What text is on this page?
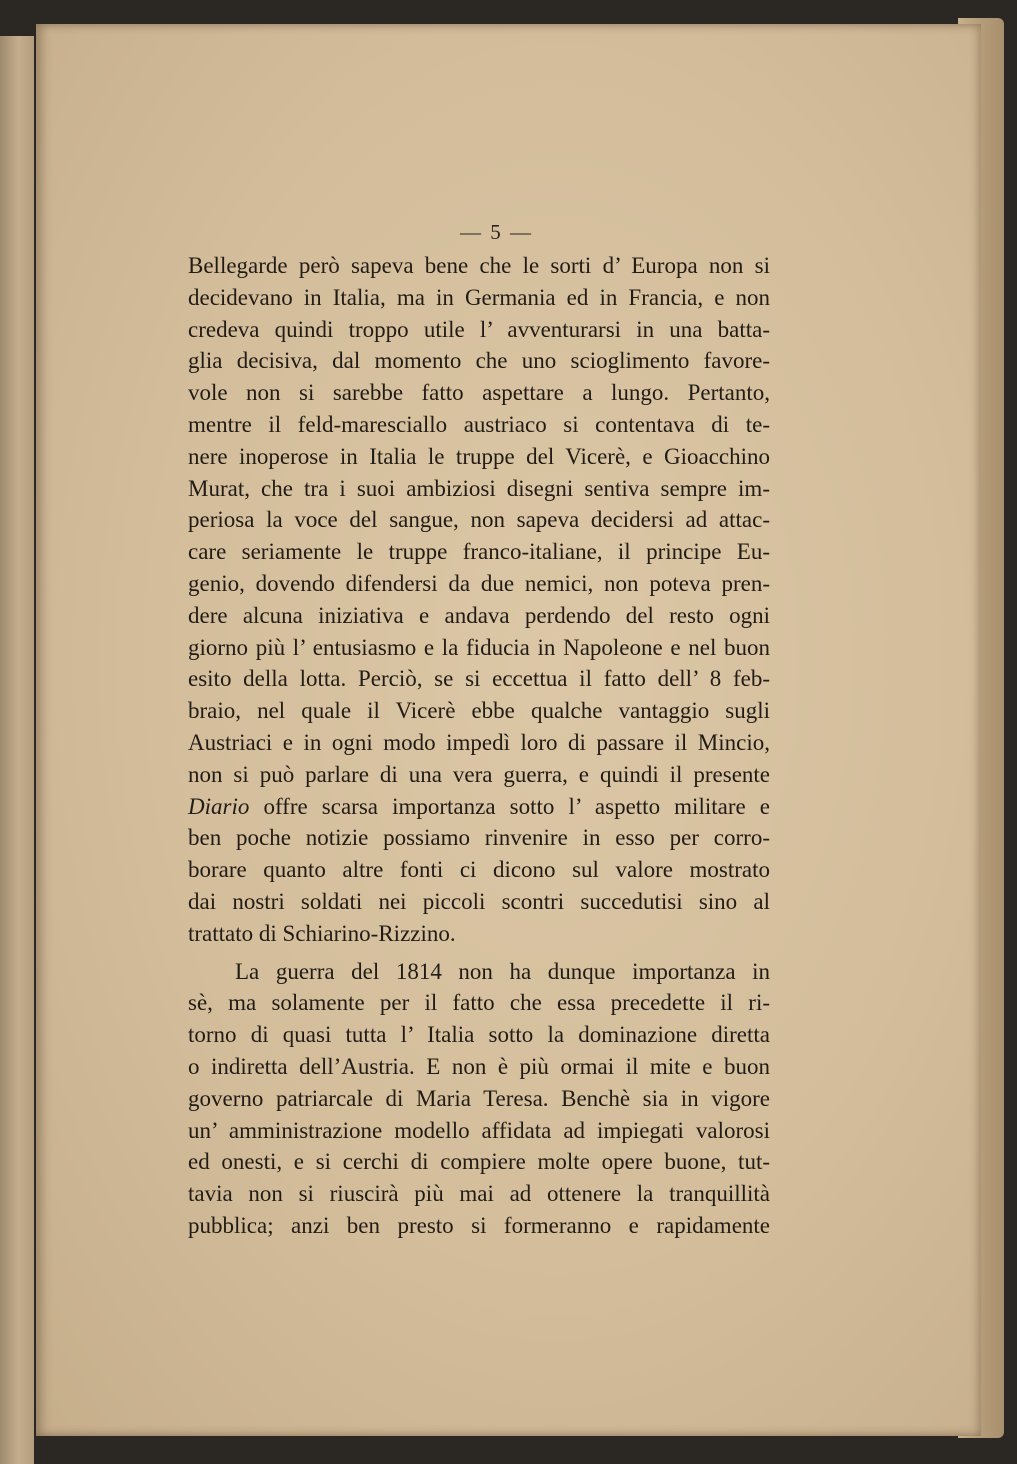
— 5 —
Bellegarde però sapeva bene che le sorti d’ Europa non si
decidevano in Italia, ma in Germania ed in Francia, e non
credeva quindi troppo utile l’ avventurarsi in una batta-
glia decisiva, dal momento che uno scioglimento favore-
vole non si sarebbe fatto aspettare a lungo. Pertanto,
mentre il feld-maresciallo austriaco si contentava di te-
nere inoperose in Italia le truppe del Vicerè, e Gioacchino
Murat, che tra i suoi ambiziosi disegni sentiva sempre im-
periosa la voce del sangue, non sapeva decidersi ad attac-
care seriamente le truppe franco-italiane, il principe Eu-
genio, dovendo difendersi da due nemici, non poteva pren-
dere alcuna iniziativa e andava perdendo del resto ogni
giorno più l’ entusiasmo e la fiducia in Napoleone e nel buon
esito della lotta. Perciò, se si eccettua il fatto dell’ 8 feb-
braio, nel quale il Vicerè ebbe qualche vantaggio sugli
Austriaci e in ogni modo impedì loro di passare il Mincio,
non si può parlare di una vera guerra, e quindi il presente
Diario offre scarsa importanza sotto l’ aspetto militare e
ben poche notizie possiamo rinvenire in esso per corro-
borare quanto altre fonti ci dicono sul valore mostrato
dai nostri soldati nei piccoli scontri succedutisi sino al
trattato di Schiarino-Rizzino.
La guerra del 1814 non ha dunque importanza in
sè, ma solamente per il fatto che essa precedette il ri-
torno di quasi tutta l’ Italia sotto la dominazione diretta
o indiretta dell’Austria. E non è più ormai il mite e buon
governo patriarcale di Maria Teresa. Benchè sia in vigore
un’ amministrazione modello affidata ad impiegati valorosi
ed onesti, e si cerchi di compiere molte opere buone, tut-
tavia non si riuscirà più mai ad ottenere la tranquillità
pubblica; anzi ben presto si formeranno e rapidamente
